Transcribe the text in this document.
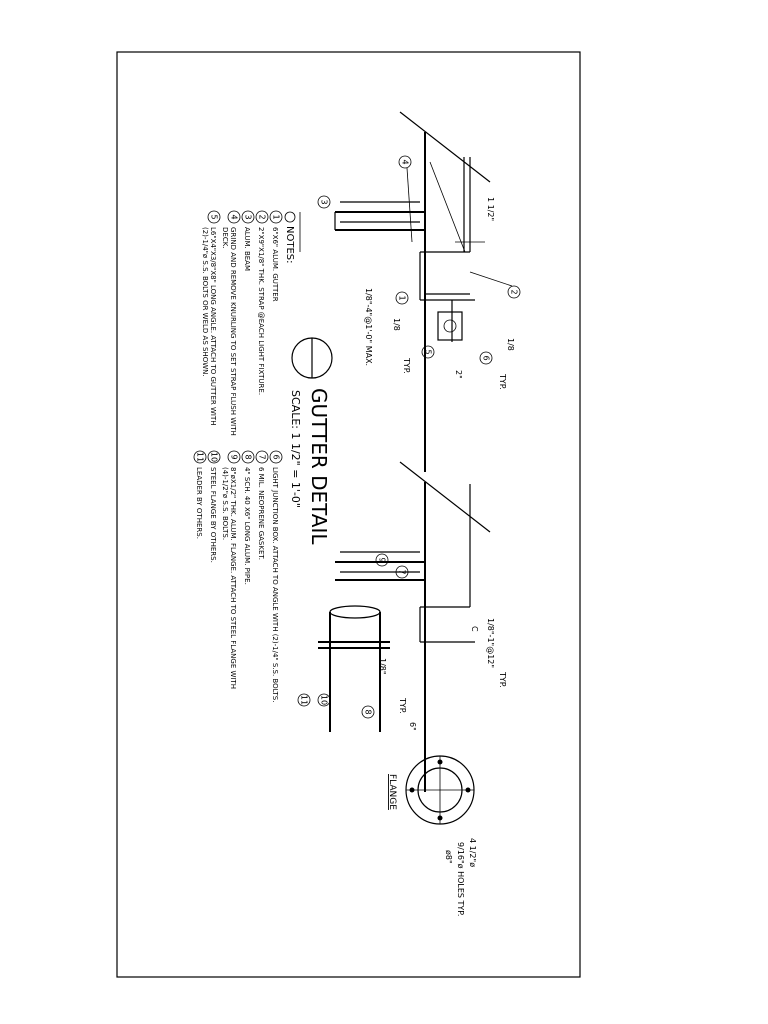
GUTTER DETAIL
SCALE: 1 1/2" = 1'-0"
NOTES:
1
6"X6" ALUM. GUTTER
2
2"X9"X1/8" THK. STRAP @EACH LIGHT FIXTURE.
3
ALUM. BEAM
4
GRIND AND REMOVE KNURLING TO SET STRAP FLUSH WITH
DECK.
5
L6"X4"X3/8"X8" LONG ANGLE. ATTACH TO GUTTER WITH
(2)-1/4"ø S.S. BOLTS OR WELD AS SHOWN.
6
LIGHT JUNCTION BOX. ATTACH TO ANGLE WITH (2)-1/4" S.S. BOLTS.
7
6 MIL. NEOPRENE GASKET.
8
4" SCH. 40 X6" LONG ALUM. PIPE.
9
8"øX1/2" THK. ALUM. FLANGE. ATTACH TO STEEL FLANGE WITH
(4)-1/2"ø S.S. BOLTS.
10
STEEL FLANGE BY OTHERS.
11
LEADER BY OTHERS.
4
3
2
1
5
6
1 1/2"
1/8"-4"@1'-0" MAX. 1/8
1/8
2"	TYP.
TYP.
7
9
8
10
11
1/8"-1"@12"
TYP.
1/8"
TYP.
6"
C
FLANGE
4 1/2"ø
9/16"ø HOLES TYP.
ø8"
